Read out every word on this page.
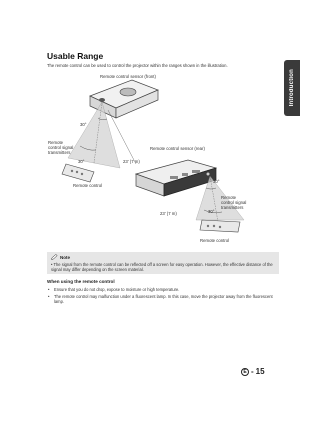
Introduction
Usable Range
The remote control can be used to control the projector within the ranges shown in the illustration.
Remote control sensor (front)
30°
Remote
control signal
transmitters
30°	23' (7 m)
Remote control sensor (rear)
Remote control
30°
Remote
control signal
transmitters
23' (7 m)	30°
Remote control
Note
• The signal from the remote control can be reflected off a screen for easy operation. However, the effective distance of the signal may differ depending on the screen material.
When using the remote control
• Ensure that you do not drop, expose to moisture or high temperature.
• The remote control may malfunction under a fluorescent lamp. In this case, move the projector away from the fluorescent lamp.
E - 15
